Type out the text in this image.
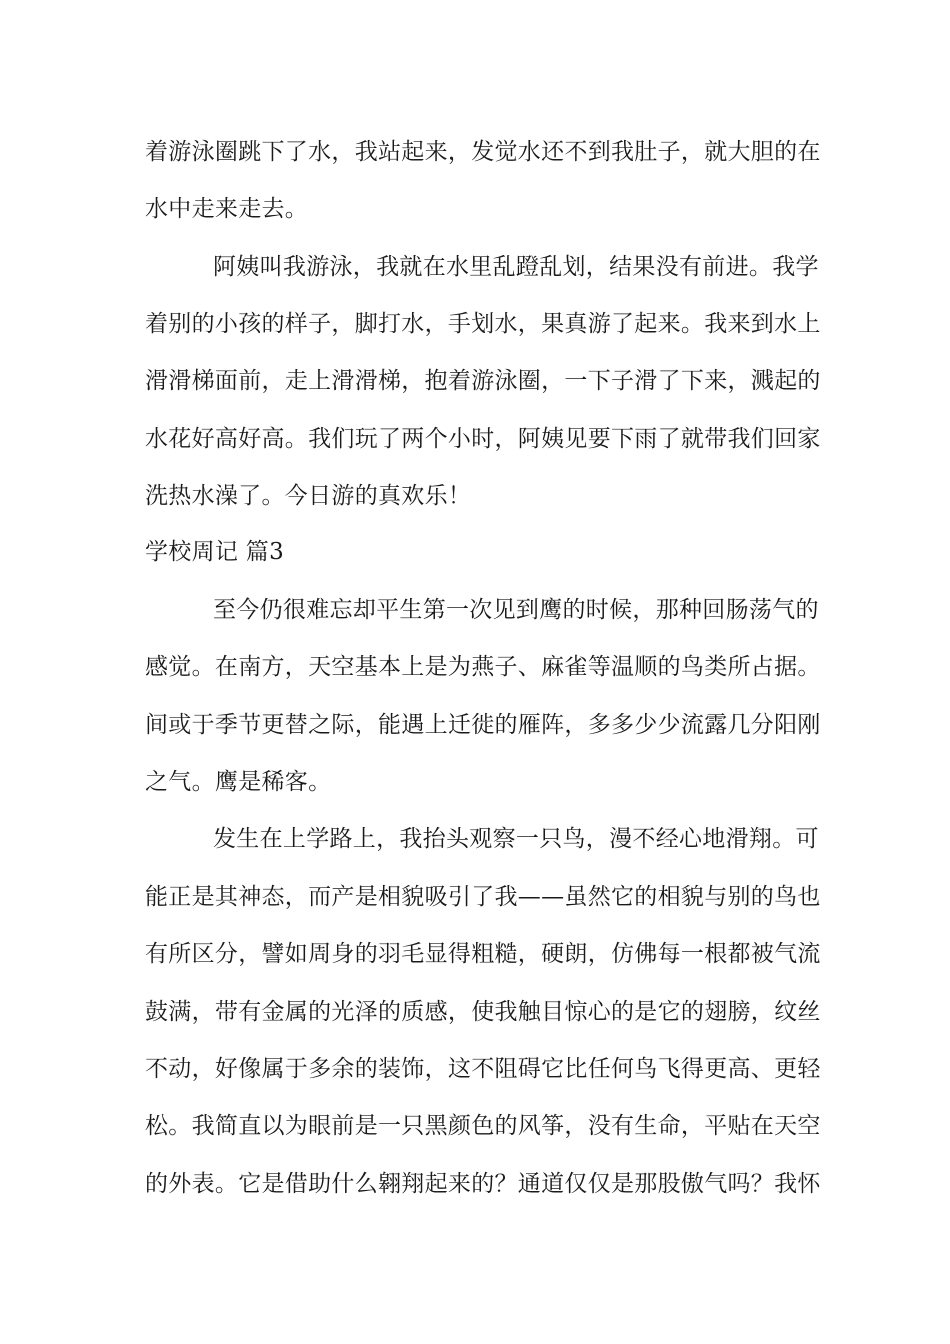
着游泳圈跳下了水，我站起来，发觉水还不到我肚子，就大胆的在
水中走来走去。
阿姨叫我游泳，我就在水里乱蹬乱划，结果没有前进。我学
着别的小孩的样子，脚打水，手划水，果真游了起来。我来到水上
滑滑梯面前，走上滑滑梯，抱着游泳圈，一下子滑了下来，溅起的
水花好高好高。我们玩了两个小时，阿姨见要下雨了就带我们回家
洗热水澡了。今日游的真欢乐！
学校周记 篇3
至今仍很难忘却平生第一次见到鹰的时候，那种回肠荡气的
感觉。在南方，天空基本上是为燕子、麻雀等温顺的鸟类所占据。
间或于季节更替之际，能遇上迁徙的雁阵，多多少少流露几分阳刚
之气。鹰是稀客。
发生在上学路上，我抬头观察一只鸟，漫不经心地滑翔。可
能正是其神态，而产是相貌吸引了我——虽然它的相貌与别的鸟也
有所区分，譬如周身的羽毛显得粗糙，硬朗，仿佛每一根都被气流
鼓满，带有金属的光泽的质感，使我触目惊心的是它的翅膀，纹丝
不动，好像属于多余的装饰，这不阻碍它比任何鸟飞得更高、更轻
松。我简直以为眼前是一只黑颜色的风筝，没有生命，平贴在天空
的外表。它是借助什么翱翔起来的？通道仅仅是那股傲气吗？我怀
